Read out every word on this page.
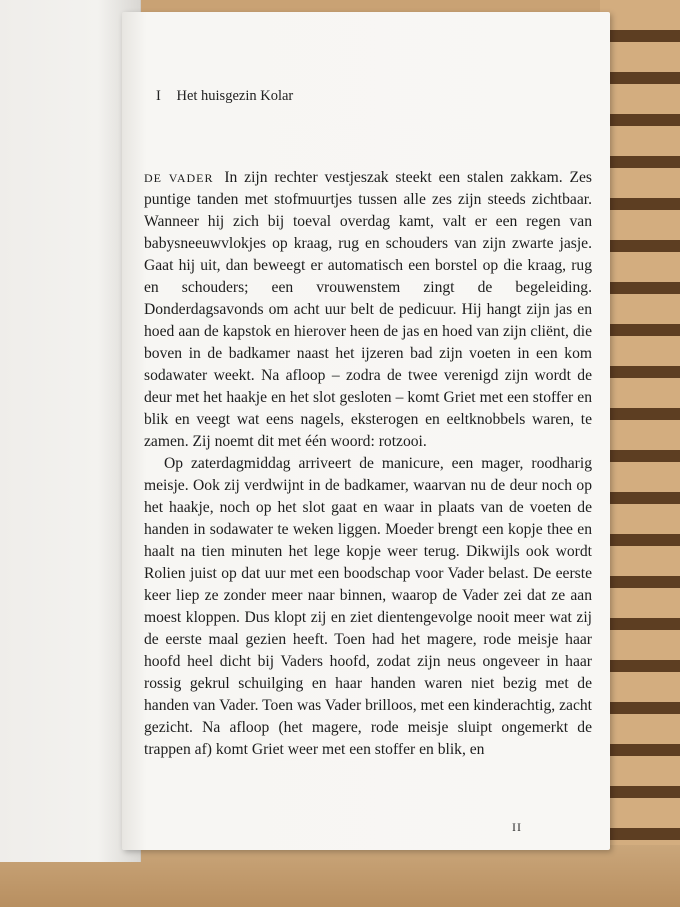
I Het huisgezin Kolar

DE VADER In zijn rechter vestjeszak steekt een stalen zakkam. Zes puntige tanden met stofmuurtjes tussen alle zes zijn steeds zichtbaar. Wanneer hij zich bij toeval overdag kamt, valt er een regen van babysneeuwvlokjes op kraag, rug en schouders van zijn zwarte jasje. Gaat hij uit, dan beweegt er automatisch een borstel op die kraag, rug en schouders; een vrouwenstem zingt de begeleiding. Donderdagsavonds om acht uur belt de pedicuur. Hij hangt zijn jas en hoed aan de kapstok en hierover heen de jas en hoed van zijn cliënt, die boven in de badkamer naast het ijzeren bad zijn voeten in een kom sodawater weekt. Na afloop – zodra de twee verenigd zijn wordt de deur met het haakje en het slot gesloten – komt Griet met een stoffer en blik en veegt wat eens nagels, eksterogen en eeltknobbels waren, te zamen. Zij noemt dit met één woord: rotzooi.

Op zaterdagmiddag arriveert de manicure, een mager, roodharig meisje. Ook zij verdwijnt in de badkamer, waarvan nu de deur noch op het haakje, noch op het slot gaat en waar in plaats van de voeten de handen in sodawater te weken liggen. Moeder brengt een kopje thee en haalt na tien minuten het lege kopje weer terug. Dikwijls ook wordt Rolien juist op dat uur met een boodschap voor Vader belast. De eerste keer liep ze zonder meer naar binnen, waarop de Vader zei dat ze aan moest kloppen. Dus klopt zij en ziet dientengevolge nooit meer wat zij de eerste maal gezien heeft. Toen had het magere, rode meisje haar hoofd heel dicht bij Vaders hoofd, zodat zijn neus ongeveer in haar rossig gekrul schuilging en haar handen waren niet bezig met de handen van Vader. Toen was Vader brilloos, met een kinderachtig, zacht gezicht. Na afloop (het magere, rode meisje sluipt ongemerkt de trappen af) komt Griet weer met een stoffer en blik, en

II
